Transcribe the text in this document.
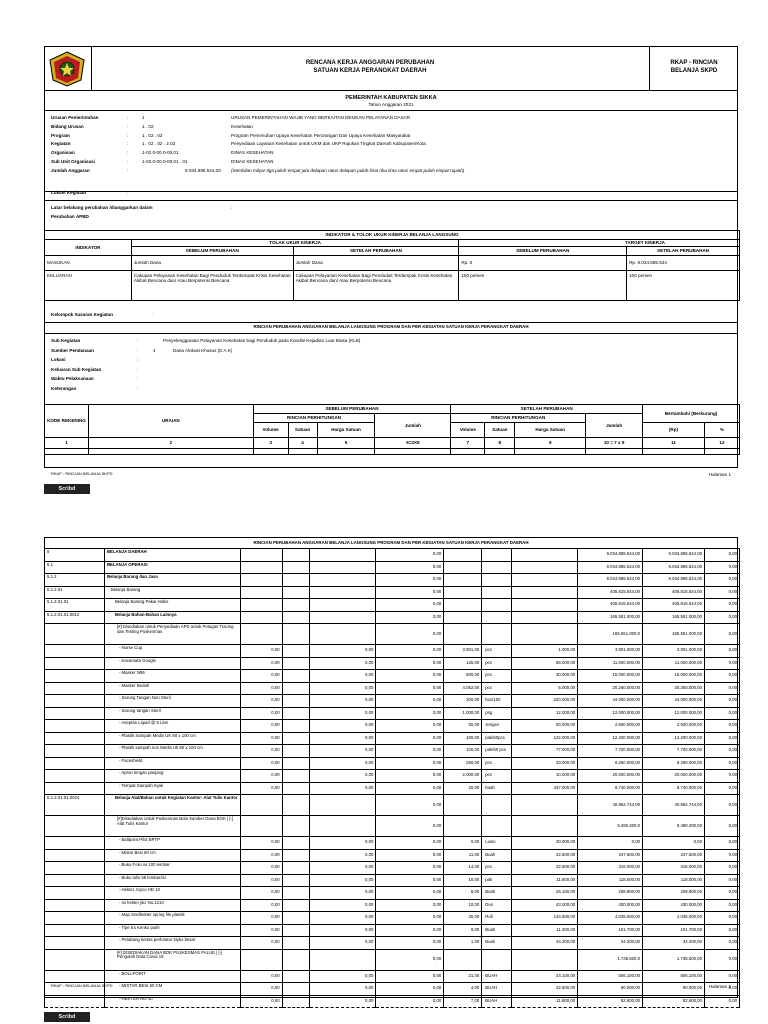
RENCANA KERJA ANGGARAN PERUBAHAN
SATUAN KERJA PERANGKAT DAERAH
RKAP - RINCIAN
BELANJA SKPD
PEMERINTAH KABUPATEN SIKKA
Tahun Anggaran 2021
Urusan Pemerintahan	:	1	URUSAN PEMERINTAHAN WAJIB YANG BERKAITAN DENGAN PELAYANAN DASAR
Bidang Urusan	:	1 . 02	Kesehatan
Program	:	1 . 02 . 02	Program Pemenuhan Upaya Kesehatan Perorangan Dan Upaya Kesehatan Masyarakat
Kegiatan	:	1 . 02 . 02 . 2.02	Penyediaan Layanan Kesehatan untuk UKM dan UKP Rujukan Tingkat Daerah Kabupaten/Kota
Organisasi	:	1-02.0-00.0-00.01	DINAS KESEHATAN
Sub Unit Organisasi	:	1-02.0-00.0-00.01 . 01	DINAS KESEHATAN
Jumlah Anggaran	:	9.034.885.544,00 (Sembilan milyar tiga puluh empat juta delapan ratus delapan puluh lima ribu lima ratus empat puluh empat rupiah)
Lokasi Kegiatan	:
Latar belakang perubahan /dianggarkan dalam	:
Perubahan APBD
INDIKATOR & TOLOK UKUR KINERJA BELANJA LANGSUNG				
INDIKATOR	TOLAK UKUR KINERJA		TARGET KINERJA	
	SEBELUM PERUBAHAN	SETELAH PERUBAHAN	SEBELUM PERUBAHAN	SETELAH PERUBAHAN
MASUKAN	Jumlah Dana	Jumlah Dana	Rp. 0	Rp. 9.034.885.544
KELUARAN	Cakupan Pelayanan Kesehatan Bagi Penduduk Terdampak Krisis Kesehatan Akibat Bencana dan/ Atau Berpotensi Bencana	Cakupan Pelayanan Kesehatan Bagi Penduduk Terdampak Krisis Kesehatan Akibat Bencana dan/ Atau Berpotensi Bencana	100 persen	100 persen
Kelompok Sasaran Kegiatan	:
RINCIAN PERUBAHAN ANGGARAN BELANJA LANGSUNG PROGRAM DAN PER KEGIATAN SATUAN KERJA PERANGKAT DAERAH
Sub Kegiatan	:	Penyelenggaraan Pelayanan Kesehatan bagi Penduduk pada Kondisi Kejadian Luar Biasa (KLB)
Sumber Pendanaan	:	4	Dana Alokasi Khusus (D A K)
Lokasi	:
Keluaran Sub Kegiatan	:
Waktu Pelaksanaan	:
Keterangan	:
KODE REKENING	URAIAN	SEBELUM PERUBAHAN				SETELAH PERUBAHAN				Bertambah/ (Berkurang)	
		RINCIAN PERHITUNGAN			Jumlah	RINCIAN PERHITUNGAN			Jumlah		
		Volume	Satuan	Harga Satuan		Volume	Satuan	Harga Satuan		(Rp)	%
1	2	3	4	5	6=3X5	7	8	9	10 = 7 x 9	11	12

RKAP - RINCIAN BELANJA SKPD	Halaman 1
Scribd
RINCIAN PERUBAHAN ANGGARAN BELANJA LANGSUNG PROGRAM DAN PER KEGIATAN SATUAN KERJA PERANGKAT DAERAH
5	BELANJA DAERAH				0,00				9.034.885.544,00	9.034.885.544,00	0,00
5.1	BELANJA OPERASI				0,00				9.034.885.544,00	9.034.885.544,00	0,00
5.1.2	Belanja Barang dan Jasa				0,00				9.034.885.544,00	9.034.885.544,00	0,00
5.1.2.01	Belanja Barang				0,00				405.815.544,00	405.815.544,00	0,00
5.1.2.01.01	Belanja Barang Pakai Habis				0,00				405.815.544,00	405.815.544,00	0,00
5.1.2.01.01.0012	Belanja Bahan-Bahan Lainnya				0,00				165.551.000,00	165.551.000,00	0,00
	[#] Disediakan untuk Penyediaan APD untuk Petugas Tracing dan Testing Puskesmas				0,00				165.551.000,0	165.551.000,00	0,00
	- Nurse Cup	0,00		0,00	0,00	3.901,00	pcs	1.000,00	3.901.000,00	3.901.000,00	0,00
	- Kacamata Google	0,00		0,00	0,00	125,00	pcs	88.000,00	11.000.000,00	11.000.000,00	0,00
	- Masker N95	0,00		0,00	0,00	500,00	pcs	30.000,00	15.000.000,00	15.000.000,00	0,00
	- Masker Bedah	0,00		0,00	0,00	4.052,00	pcs	5.000,00	20.260.000,00	20.260.000,00	0,00
	- Sarung Tangan Non Steril	0,00		0,00	0,00	200,00	box/100	220.000,00	44.000.000,00	44.000.000,00	0,00
	- Sarung tangan Steril	0,00		0,00	0,00	1.000,00	psg	12.000,00	12.000.000,00	12.000.000,00	0,00
	- Aseptan Liquid @ 5 Liter	0,00		0,00	0,00	50,00	Jerigen	50.000,00	2.500.000,00	2.500.000,00	0,00
	- Plastik Sampah Medis UK 80 x 100 cm	0,00		0,00	0,00	100,00	pak/50pcs	122.000,00	12.200.000,00	12.200.000,00	0,00
	- Plastik sampah non Medis Uk 80 x 100 cm	0,00		0,00	0,00	100,00	pak/50 pcs	77.000,00	7.700.000,00	7.700.000,00	0,00
	- Faceshield	0,00		0,00	0,00	250,00	pcs	33.000,00	8.250.000,00	8.250.000,00	0,00
	- Apron lengan panjang	0,00		0,00	0,00	2.000,00	pcs	10.000,00	20.000.000,00	20.000.000,00	0,00
	- Tempat Sampah Injak	0,00		0,00	0,00	20,00	buah	437.000,00	8.740.000,00	8.740.000,00	0,00
5.1.2.01.01.0024	Belanja Alat/Bahan untuk Kegiatan Kantor- Alat Tulis Kantor				0,00				40.862.744,00	40.862.744,00	0,00
	[#]Disediakan untuk Puskesmas Bola Sumber Dana BOK | [-] Alat Tulis Kantor				0,00				5.490.200,0	5.490.200,00	0,00
	- Ballpoint Pilot BPTP	0,00		0,00	0,00	0,00	Lusin	20.000,00	0,00	0,00	0,00
	- Mistar Besi 60 cm	0,00		0,00	0,00	11,00	Buah	22.500,00	247.500,00	247.500,00	0,00
	- Buku Folio isi 100 lembar	0,00		0,00	0,00	14,00	pcs	22.500,00	315.000,00	315.000,00	0,00
	- Buku tulis 58 lembar/isi	0,00		0,00	0,00	10,00	pak	11.800,00	118.000,00	118.000,00	0,00
	- Hekter Joyco HD 10	0,00		0,00	0,00	8,00	Buah	26.100,00	208.800,00	208.800,00	0,00
	- Isi hekter jikz No.1210	0,00		0,00	0,00	10,00	Dus	43.000,00	430.000,00	430.000,00	0,00
	- Map Snelhekter spring file plastik	0,00		0,00	0,00	30,00	Roll	134.500,00	4.035.000,00	4.035.000,00	0,00
	- Tipe Ex Kenko putih	0,00		0,00	0,00	9,00	Buah	11.300,00	101.700,00	101.700,00	0,00
	- Pelubang kertas perforator kiyko besar	0,00		0,00	0,00	1,00	Buah	34.200,00	34.200,00	34.200,00	0,00
	[#] DISEDIAKAN DANA BOK PUSKESMAS PALUE | [-] Pengolah Data Covid 19				0,00				1.735.600,0	1.735.600,00	0,00
	- BOLLPOINT	0,00		0,00	0,00	21,00	BUAH	24.100,00	506.100,00	506.100,00	0,00
	- MISTAR BESI 60 CM	0,00		0,00	0,00	4,00	BUAH	22.500,00	90.000,00	90.000,00	0,00
	- HEKTER HD-10	0,00		0,00	0,00	7,00	BUAH	11.800,00	82.600,00	82.600,00	0,00
RKAP - RINCIAN BELANJA SKPD	Halaman 2
Scribd
